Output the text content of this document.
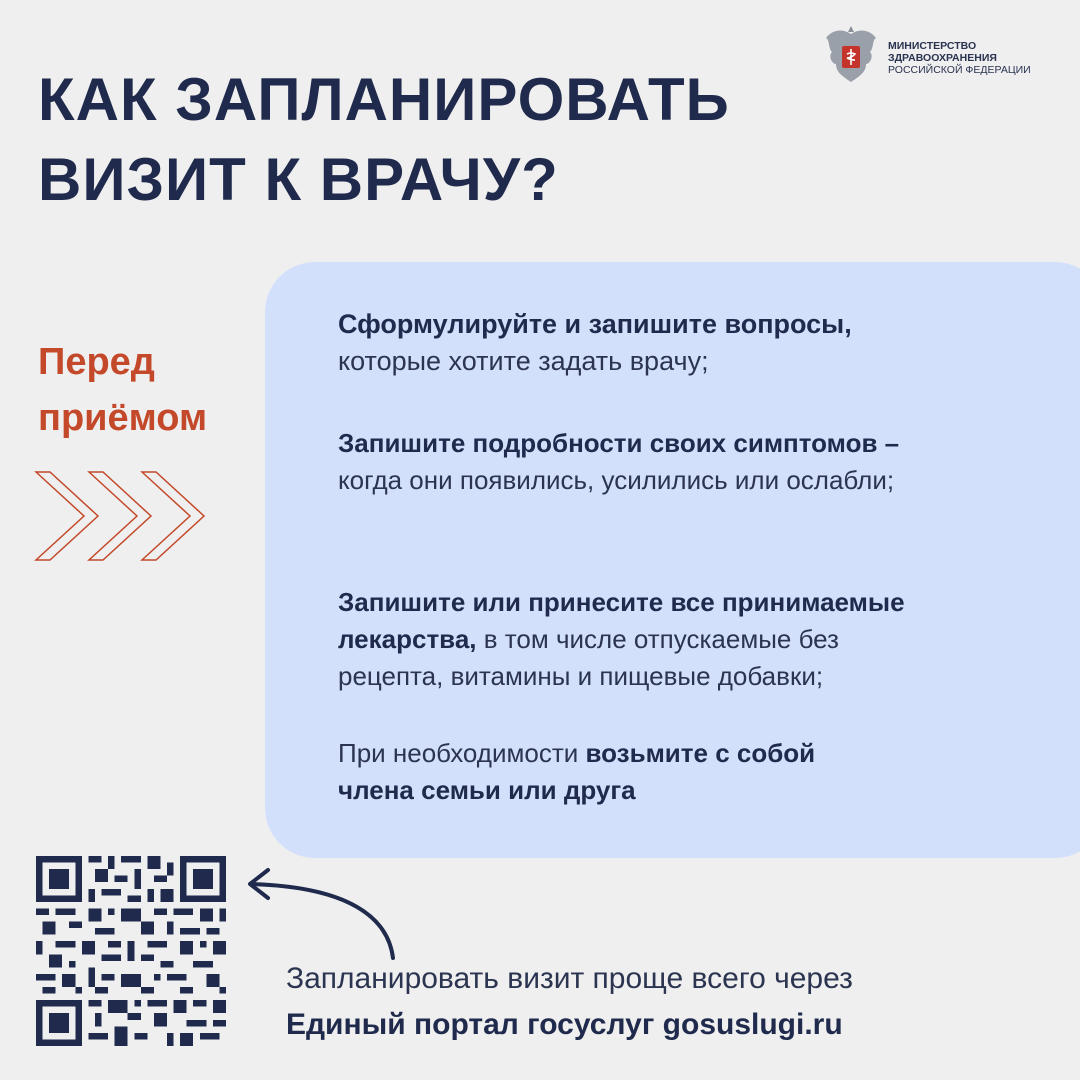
КАК ЗАПЛАНИРОВАТЬ
ВИЗИТ К ВРАЧУ?
МИНИСТЕРСТВО
ЗДРАВООХРАНЕНИЯ
РОССИЙСКОЙ ФЕДЕРАЦИИ
Перед
приёмом
Сформулируйте и запишите вопросы,
которые хотите задать врачу;
Запишите подробности своих симптомов –
когда они появились, усилились или ослабли;
Запишите или принесите все принимаемые
лекарства, в том числе отпускаемые без
рецепта, витамины и пищевые добавки;
При необходимости возьмите с собой
члена семьи или друга
Запланировать визит проще всего через
Единый портал госуслуг gosuslugi.ru
